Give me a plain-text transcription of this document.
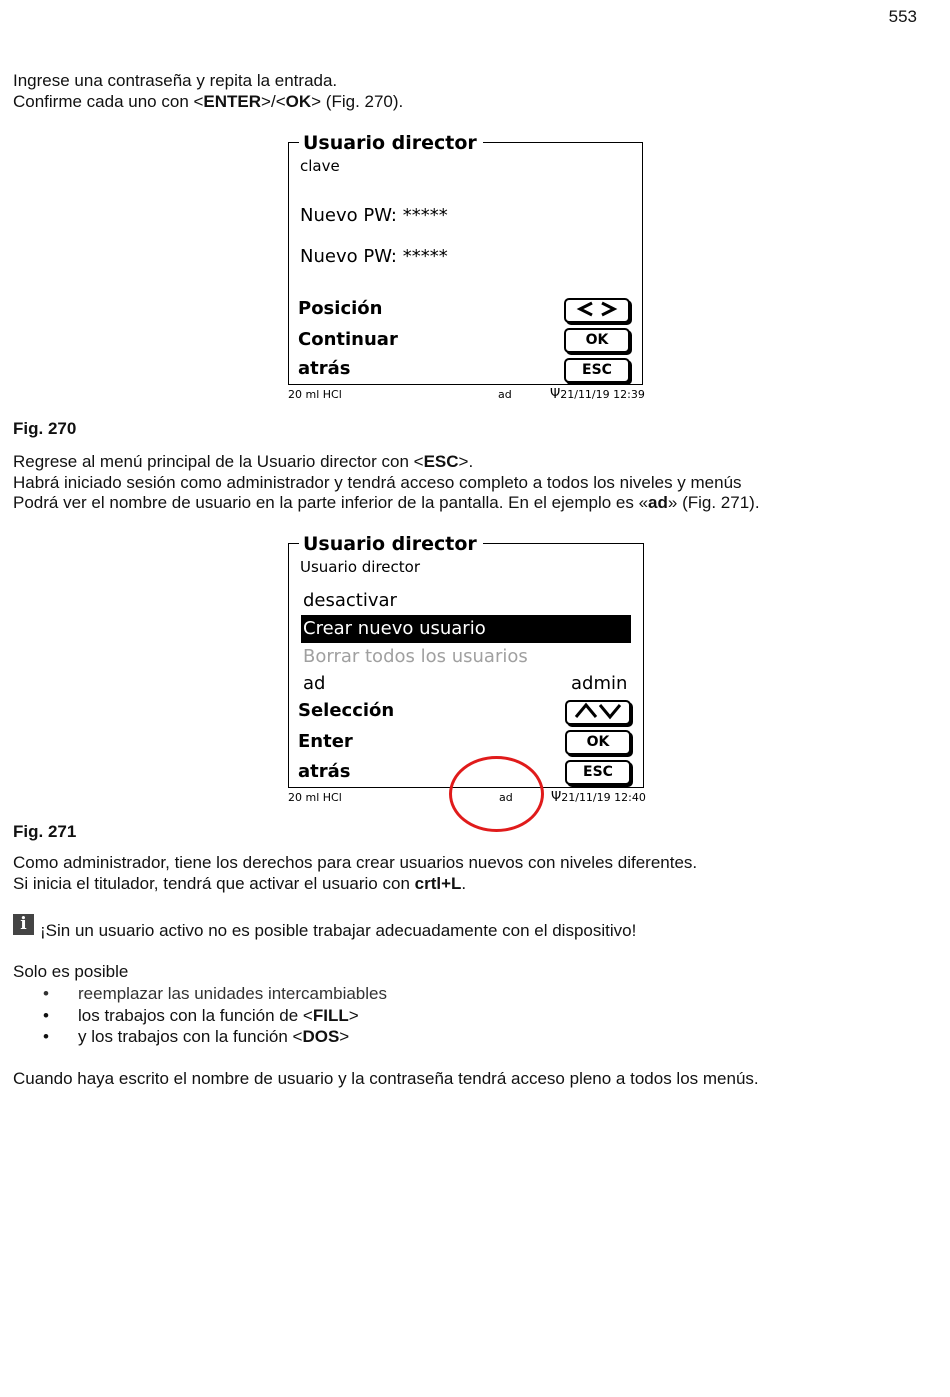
553
Ingrese una contraseña y repita la entrada.
Confirme cada uno con <ENTER>/<OK> (Fig. 270).
Usuario director
clave
Nuevo PW: *****
Nuevo PW: *****
Posición
Continuar	OK
atrás	ESC
20 ml HCl	ad	Ψ21/11/19 12:39
Fig. 270
Regrese al menú principal de la Usuario director con <ESC>.
Habrá iniciado sesión como administrador y tendrá acceso completo a todos los niveles y menús
Podrá ver el nombre de usuario en la parte inferior de la pantalla. En el ejemplo es «ad» (Fig. 271).
Usuario director
Usuario director
desactivar
Crear nuevo usuario
Borrar todos los usuarios
ad	admin
Selección
Enter	OK
atrás	ESC
20 ml HCl	ad	Ψ21/11/19 12:40
Fig. 271
Como administrador, tiene los derechos para crear usuarios nuevos con niveles diferentes.
Si inicia el titulador, tendrá que activar el usuario con crtl+L.
i ¡Sin un usuario activo no es posible trabajar adecuadamente con el dispositivo!
Solo es posible
• reemplazar las unidades intercambiables
• los trabajos con la función de <FILL>
• y los trabajos con la función <DOS>
Cuando haya escrito el nombre de usuario y la contraseña tendrá acceso pleno a todos los menús.
